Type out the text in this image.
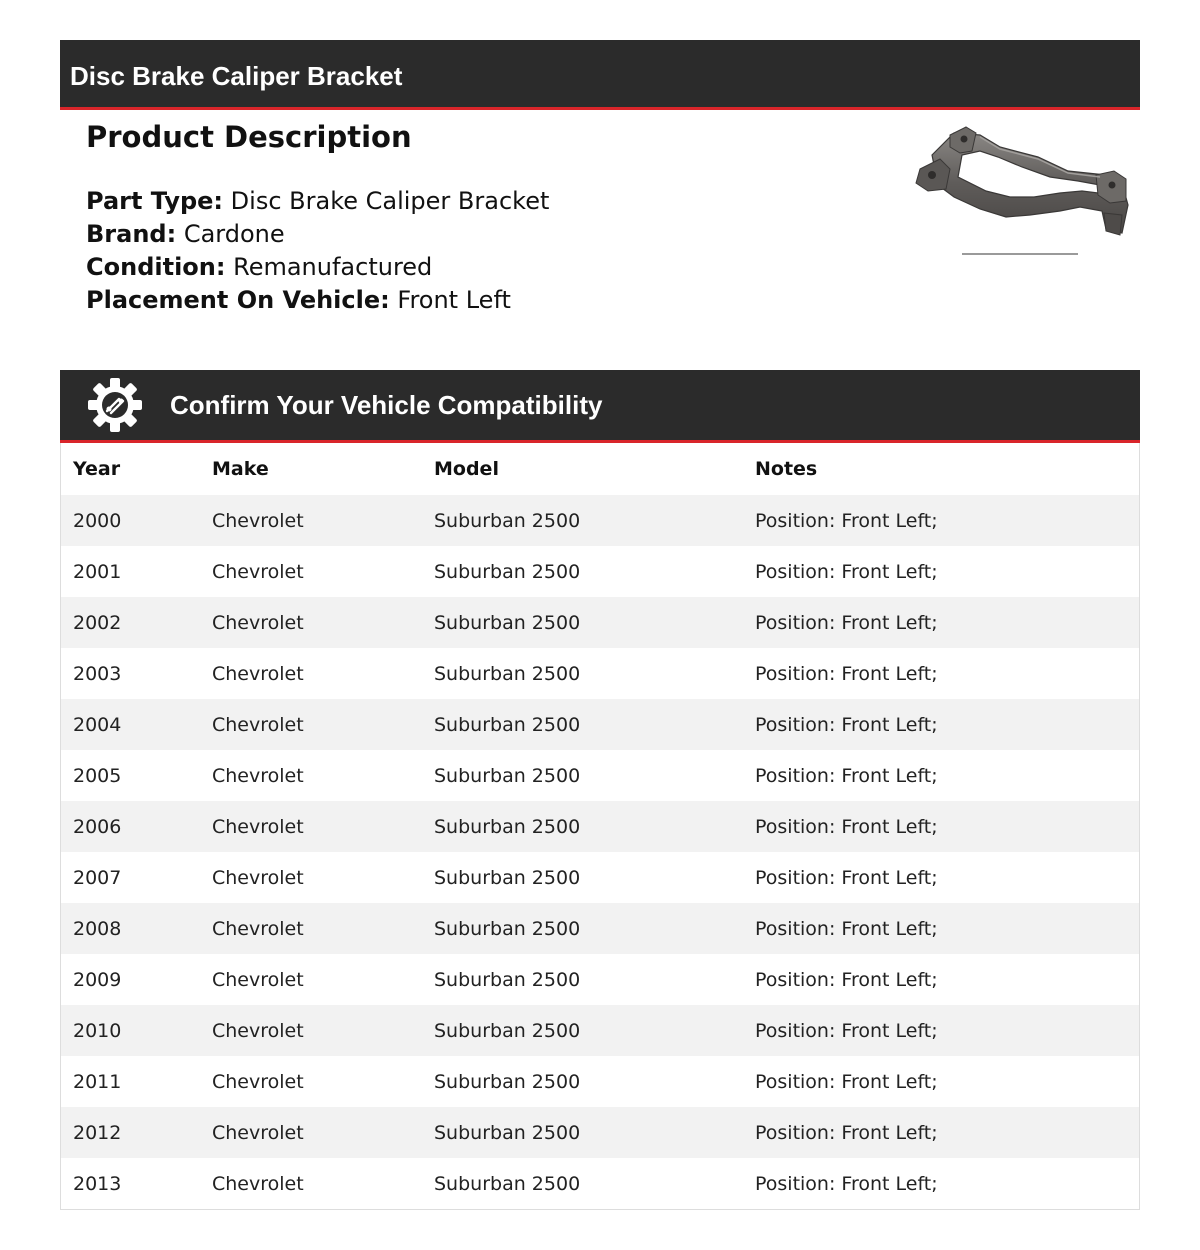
Disc Brake Caliper Bracket
Product Description
Part Type: Disc Brake Caliper Bracket
Brand: Cardone
Condition: Remanufactured
Placement On Vehicle: Front Left
Confirm Your Vehicle Compatibility
Year	Make	Model	Notes
2000	Chevrolet	Suburban 2500	Position: Front Left;
2001	Chevrolet	Suburban 2500	Position: Front Left;
2002	Chevrolet	Suburban 2500	Position: Front Left;
2003	Chevrolet	Suburban 2500	Position: Front Left;
2004	Chevrolet	Suburban 2500	Position: Front Left;
2005	Chevrolet	Suburban 2500	Position: Front Left;
2006	Chevrolet	Suburban 2500	Position: Front Left;
2007	Chevrolet	Suburban 2500	Position: Front Left;
2008	Chevrolet	Suburban 2500	Position: Front Left;
2009	Chevrolet	Suburban 2500	Position: Front Left;
2010	Chevrolet	Suburban 2500	Position: Front Left;
2011	Chevrolet	Suburban 2500	Position: Front Left;
2012	Chevrolet	Suburban 2500	Position: Front Left;
2013	Chevrolet	Suburban 2500	Position: Front Left;
